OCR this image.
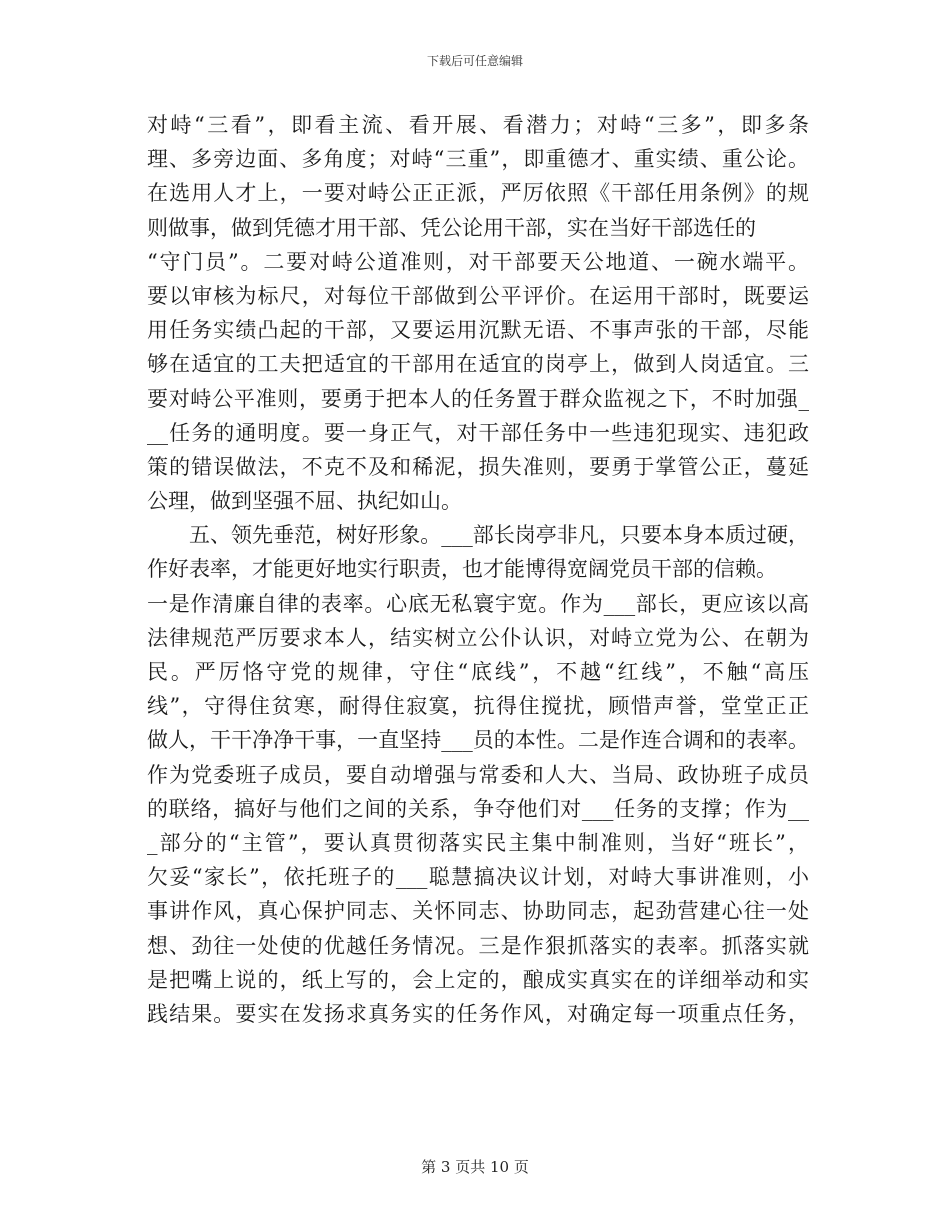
下载后可任意编辑
对峙“三看”，即看主流、看开展、看潜力；对峙“三多”，即多条
理、多旁边面、多角度；对峙“三重”，即重德才、重实绩、重公论。
在选用人才上，一要对峙公正正派，严厉依照《干部任用条例》的规
则做事，做到凭德才用干部、凭公论用干部，实在当好干部选任的
“守门员”。二要对峙公道准则，对干部要天公地道、一碗水端平。
要以审核为标尺，对每位干部做到公平评价。在运用干部时，既要运
用任务实绩凸起的干部，又要运用沉默无语、不事声张的干部，尽能
够在适宜的工夫把适宜的干部用在适宜的岗亭上，做到人岗适宜。三
要对峙公平准则，要勇于把本人的任务置于群众监视之下，不时加强_
__任务的通明度。要一身正气，对干部任务中一些违犯现实、违犯政
策的错误做法，不克不及和稀泥，损失准则，要勇于掌管公正，蔓延
公理，做到坚强不屈、执纪如山。
五、领先垂范，树好形象。___部长岗亭非凡，只要本身本质过硬，
作好表率，才能更好地实行职责，也才能博得宽阔党员干部的信赖。
一是作清廉自律的表率。心底无私寰宇宽。作为___部长，更应该以高
法律规范严厉要求本人，结实树立公仆认识，对峙立党为公、在朝为
民。严厉恪守党的规律，守住“底线”，不越“红线”，不触“高压
线”，守得住贫寒，耐得住寂寞，抗得住搅扰，顾惜声誉，堂堂正正
做人，干干净净干事，一直坚持___员的本性。二是作连合调和的表率。
作为党委班子成员，要自动增强与常委和人大、当局、政协班子成员
的联络，搞好与他们之间的关系，争夺他们对___任务的支撑；作为__
_部分的“主管”，要认真贯彻落实民主集中制准则，当好“班长”，
欠妥“家长”，依托班子的___聪慧搞决议计划，对峙大事讲准则，小
事讲作风，真心保护同志、关怀同志、协助同志，起劲营建心往一处
想、劲往一处使的优越任务情况。三是作狠抓落实的表率。抓落实就
是把嘴上说的，纸上写的，会上定的，酿成实真实在的详细举动和实
践结果。要实在发扬求真务实的任务作风，对确定每一项重点任务，
第 3 页共 10 页
